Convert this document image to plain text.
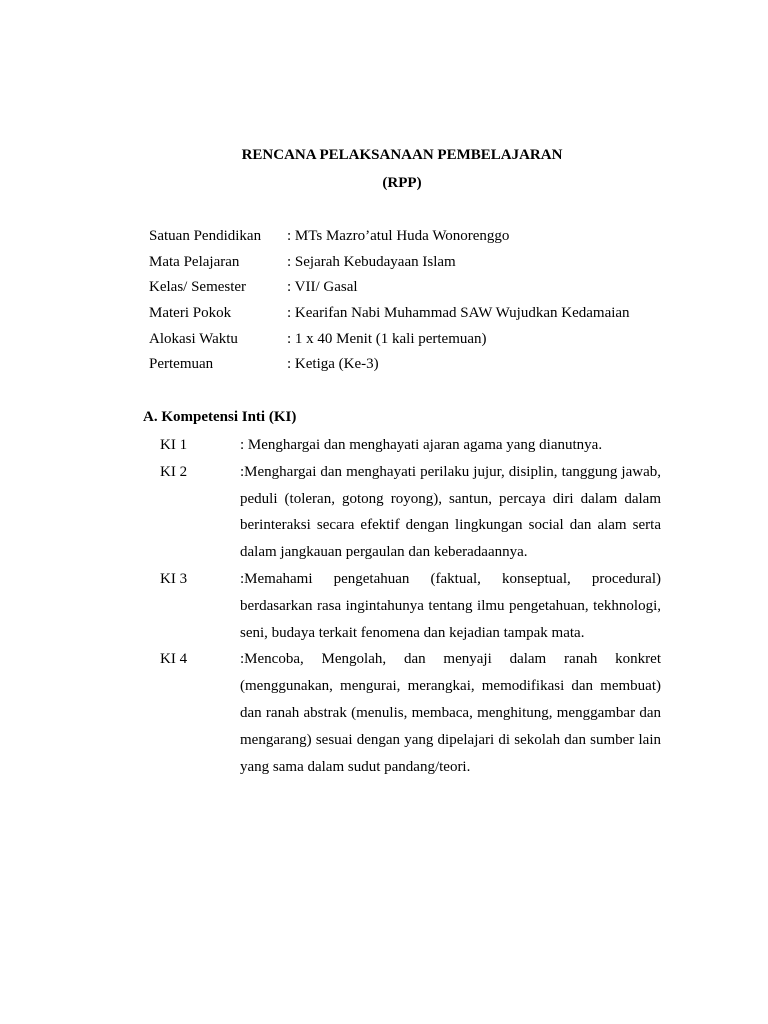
RENCANA PELAKSANAAN PEMBELAJARAN
(RPP)
Satuan Pendidikan	: MTs Mazro’atul Huda Wonorenggo
Mata Pelajaran	: Sejarah Kebudayaan Islam
Kelas/ Semester	: VII/ Gasal
Materi Pokok	: Kearifan Nabi Muhammad SAW Wujudkan Kedamaian
Alokasi Waktu	: 1 x 40 Menit (1 kali pertemuan)
Pertemuan	: Ketiga (Ke-3)
A. Kompetensi Inti (KI)
KI 1	: Menghargai dan menghayati ajaran agama yang dianutnya.
KI 2	:Menghargai dan menghayati perilaku jujur, disiplin, tanggung jawab, peduli (toleran, gotong royong), santun, percaya diri dalam dalam berinteraksi secara efektif dengan lingkungan social dan alam serta dalam jangkauan pergaulan dan keberadaannya.
KI 3	:Memahami pengetahuan (faktual, konseptual, procedural) berdasarkan rasa ingintahunya tentang ilmu pengetahuan, tekhnologi, seni, budaya terkait fenomena dan kejadian tampak mata.
KI 4	:Mencoba, Mengolah, dan menyaji dalam ranah konkret (menggunakan, mengurai, merangkai, memodifikasi dan membuat) dan ranah abstrak (menulis, membaca, menghitung, menggambar dan mengarang) sesuai dengan yang dipelajari di sekolah dan sumber lain yang sama dalam sudut pandang/teori.
